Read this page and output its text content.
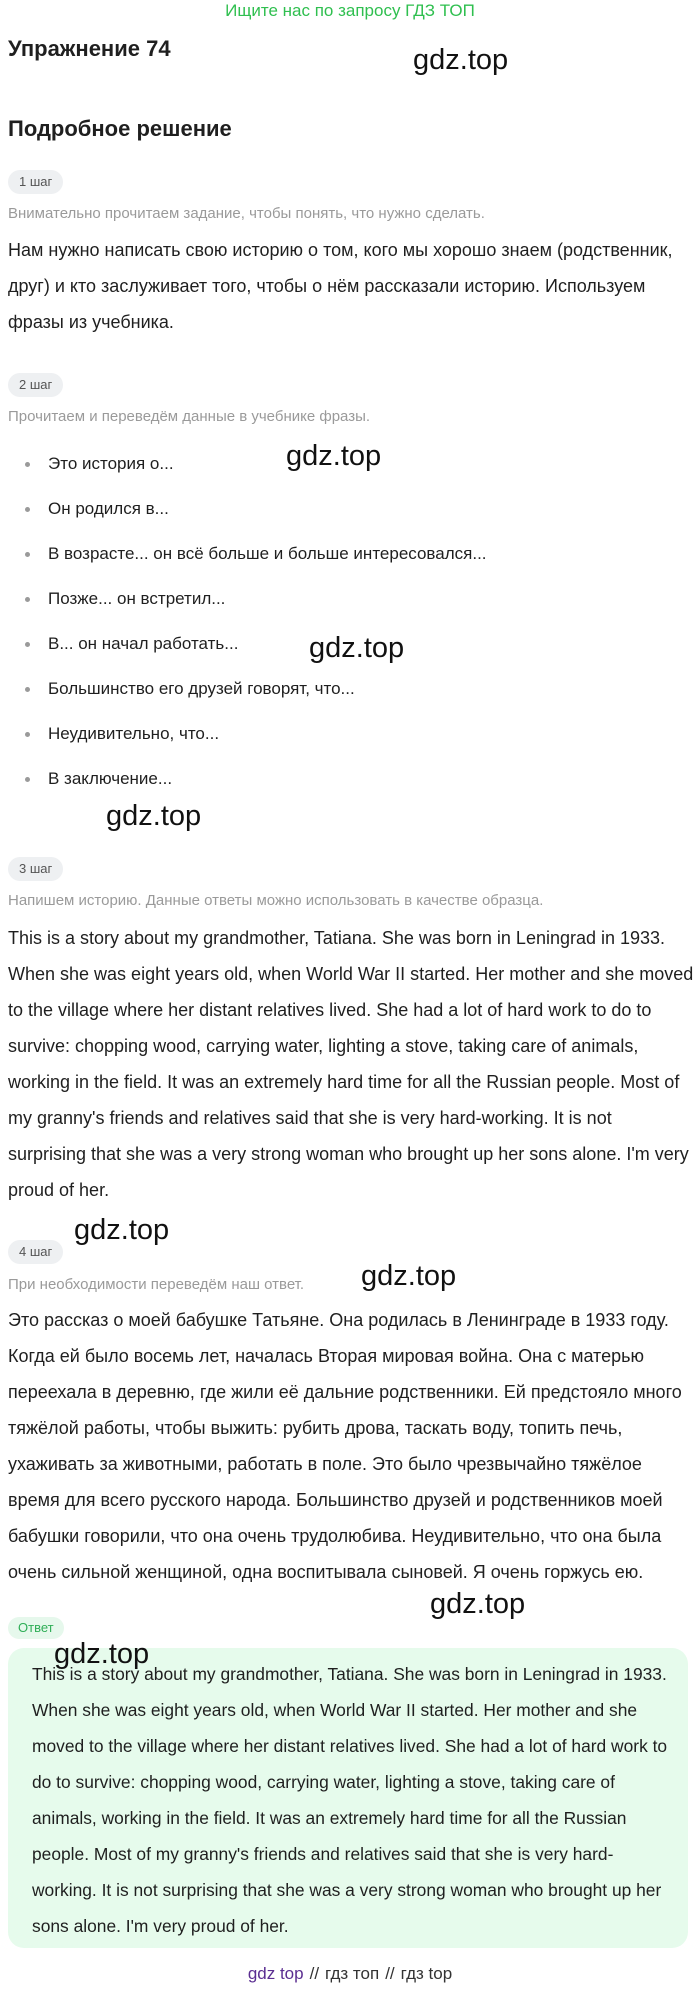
Ищите нас по запросу ГДЗ ТОП
Упражнение 74
Подробное решение
1 шаг
Внимательно прочитаем задание, чтобы понять, что нужно сделать.

Нам нужно написать свою историю о том, кого мы хорошо знаем (родственник, друг) и кто заслуживает того, чтобы о нём рассказали историю. Используем фразы из учебника.

2 шаг
Прочитаем и переведём данные в учебнике фразы.
Это история о...
Он родился в...
В возрасте... он всё больше и больше интересовался...
Позже... он встретил...
В... он начал работать...
Большинство его друзей говорят, что...
Неудивительно, что...
В заключение...
3 шаг
Напишем историю. Данные ответы можно использовать в качестве образца.

This is a story about my grandmother, Tatiana. She was born in Leningrad in 1933. When she was eight years old, when World War II started. Her mother and she moved to the village where her distant relatives lived. She had a lot of hard work to do to survive: chopping wood, carrying water, lighting a stove, taking care of animals, working in the field. It was an extremely hard time for all the Russian people. Most of my granny's friends and relatives said that she is very hard-working. It is not surprising that she was a very strong woman who brought up her sons alone. I'm very proud of her.

4 шаг
При необходимости переведём наш ответ.

Это рассказ о моей бабушке Татьяне. Она родилась в Ленинграде в 1933 году. Когда ей было восемь лет, началась Вторая мировая война. Она с матерью переехала в деревню, где жили её дальние родственники. Ей предстояло много тяжёлой работы, чтобы выжить: рубить дрова, таскать воду, топить печь, ухаживать за животными, работать в поле. Это было чрезвычайно тяжёлое время для всего русского народа. Большинство друзей и родственников моей бабушки говорили, что она очень трудолюбива. Неудивительно, что она была очень сильной женщиной, одна воспитывала сыновей. Я очень горжусь ею.

Ответ

This is a story about my grandmother, Tatiana. She was born in Leningrad in 1933. When she was eight years old, when World War II started. Her mother and she moved to the village where her distant relatives lived. She had a lot of hard work to do to survive: chopping wood, carrying water, lighting a stove, taking care of animals, working in the field. It was an extremely hard time for all the Russian people. Most of my granny's friends and relatives said that she is very hard-working. It is not surprising that she was a very strong woman who brought up her sons alone. I'm very proud of her.

gdz.top
gdz.top
gdz.top
gdz.top
gdz.top
gdz.top
gdz.top
gdz.top
gdz top // гдз топ // гдз top
